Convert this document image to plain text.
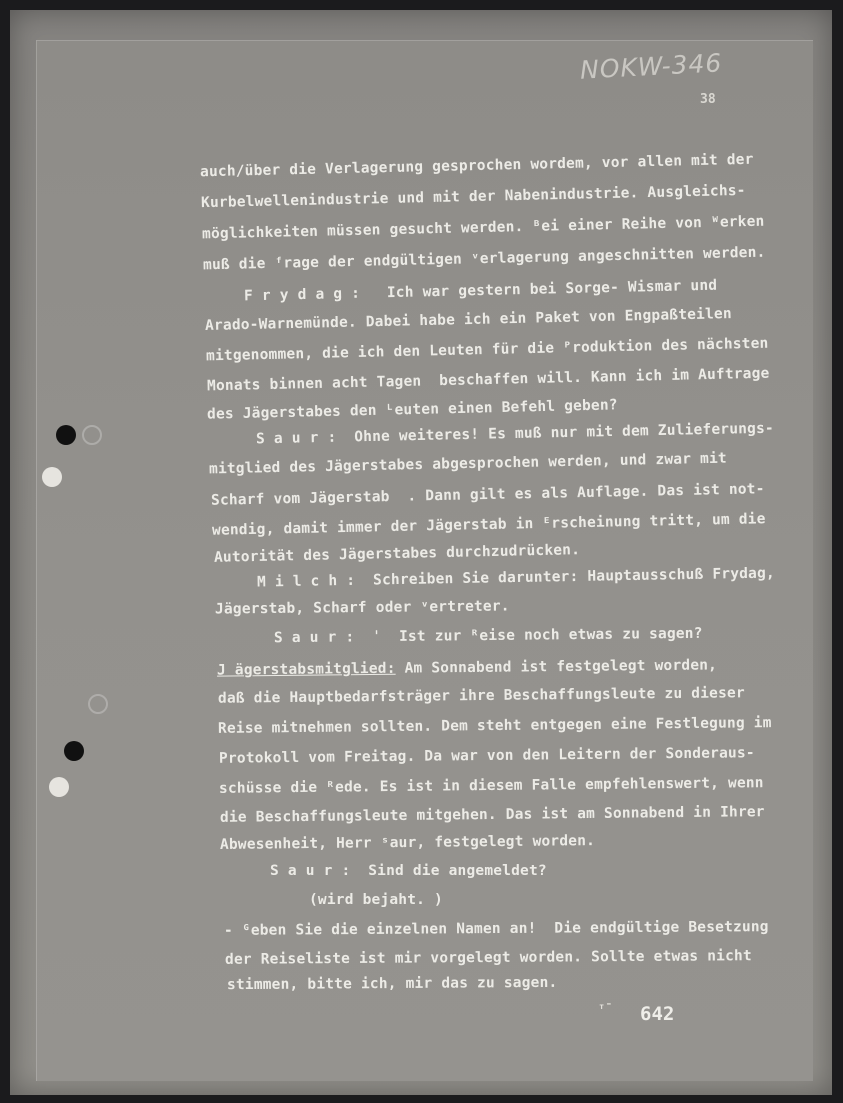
NOKW-346
38
auch/über die Verlagerung gesprochen wordem, vor allen mit der
Kurbelwellenindustrie und mit der Nabenindustrie. Ausgleichs-
möglichkeiten müssen gesucht werden. ᴮei einer Reihe von ᵂerken
muß die ᶠrage der endgültigen ᵛerlagerung angeschnitten werden.
F r y d a g :   Ich war gestern bei Sorge- Wismar und
Arado-Warnemünde. Dabei habe ich ein Paket von Engpaßteilen
mitgenommen, die ich den Leuten für die ᴾroduktion des nächsten
Monats binnen acht Tagen  beschaffen will. Kann ich im Auftrage
des Jägerstabes den ᴸeuten einen Befehl geben?
S a u r :  Ohne weiteres! Es muß nur mit dem Zulieferungs-
mitglied des Jägerstabes abgesprochen werden, und zwar mit
Scharf vom Jägerstab  . Dann gilt es als Auflage. Das ist not-
wendig, damit immer der Jägerstab in ᴱrscheinung tritt, um die
Autorität des Jägerstabes durchzudrücken.
M i l c h :  Schreiben Sie darunter: Hauptausschuß Frydag,
Jägerstab, Scharf oder ᵛertreter.
S a u r :  ˈ  Ist zur ᴿeise noch etwas zu sagen?
J ägerstabsmitglied: Am Sonnabend ist festgelegt worden,
daß die Hauptbedarfsträger ihre Beschaffungsleute zu dieser
Reise mitnehmen sollten. Dem steht entgegen eine Festlegung im
Protokoll vom Freitag. Da war von den Leitern der Sonderaus-
schüsse die ᴿede. Es ist in diesem Falle empfehlenswert, wenn
die Beschaffungsleute mitgehen. Das ist am Sonnabend in Ihrer
Abwesenheit, Herr ˢaur, festgelegt worden.
S a u r :  Sind die angemeldet?
(wird bejaht. )
- ᴳeben Sie die einzelnen Namen an!  Die endgültige Besetzung
der Reiseliste ist mir vorgelegt worden. Sollte etwas nicht
stimmen, bitte ich, mir das zu sagen.
ᵀˉ 642
